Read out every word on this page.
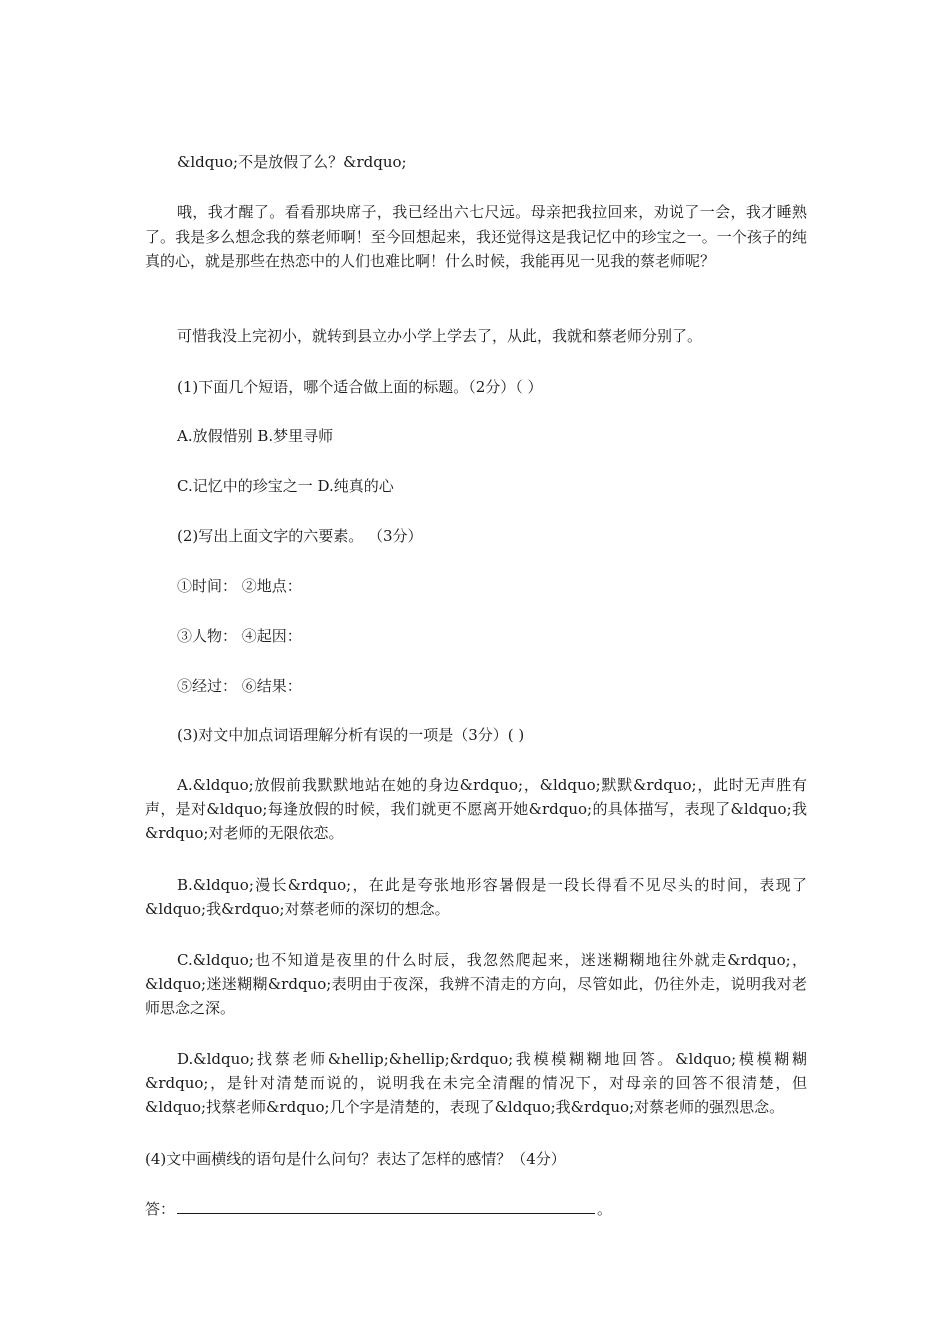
&ldquo;不是放假了么？&rdquo;
哦，我才醒了。看看那块席子，我已经出六七尺远。母亲把我拉回来，劝说了一会，我才睡熟了。我是多么想念我的蔡老师啊！至今回想起来，我还觉得这是我记忆中的珍宝之一。一个孩子的纯真的心，就是那些在热恋中的人们也难比啊！什么时候，我能再见一见我的蔡老师呢？
可惜我没上完初小，就转到县立办小学上学去了，从此，我就和蔡老师分别了。
(1)下面几个短语，哪个适合做上面的标题。（2分）（ ）
A.放假惜别 B.梦里寻师
C.记忆中的珍宝之一 D.纯真的心
(2)写出上面文字的六要素。 （3分）
①时间： ②地点：
③人物： ④起因：
⑤经过： ⑥结果：
(3)对文中加点词语理解分析有误的一项是（3分）( )
A.&ldquo;放假前我默默地站在她的身边&rdquo;，&ldquo;默默&rdquo;，此时无声胜有声，是对&ldquo;每逢放假的时候，我们就更不愿离开她&rdquo;的具体描写，表现了&ldquo;我&rdquo;对老师的无限依恋。
B.&ldquo;漫长&rdquo;，在此是夸张地形容暑假是一段长得看不见尽头的时间，表现了&ldquo;我&rdquo;对蔡老师的深切的想念。
C.&ldquo;也不知道是夜里的什么时辰，我忽然爬起来，迷迷糊糊地往外就走&rdquo;，&ldquo;迷迷糊糊&rdquo;表明由于夜深，我辨不清走的方向，尽管如此，仍往外走，说明我对老师思念之深。
D.&ldquo;找蔡老师&hellip;&hellip;&rdquo;我模模糊糊地回答。&ldquo;模模糊糊&rdquo;，是针对清楚而说的，说明我在未完全清醒的情况下，对母亲的回答不很清楚，但&ldquo;找蔡老师&rdquo;几个字是清楚的，表现了&ldquo;我&rdquo;对蔡老师的强烈思念。
(4)文中画横线的语句是什么问句？表达了怎样的感情？（4分）
答：	。
